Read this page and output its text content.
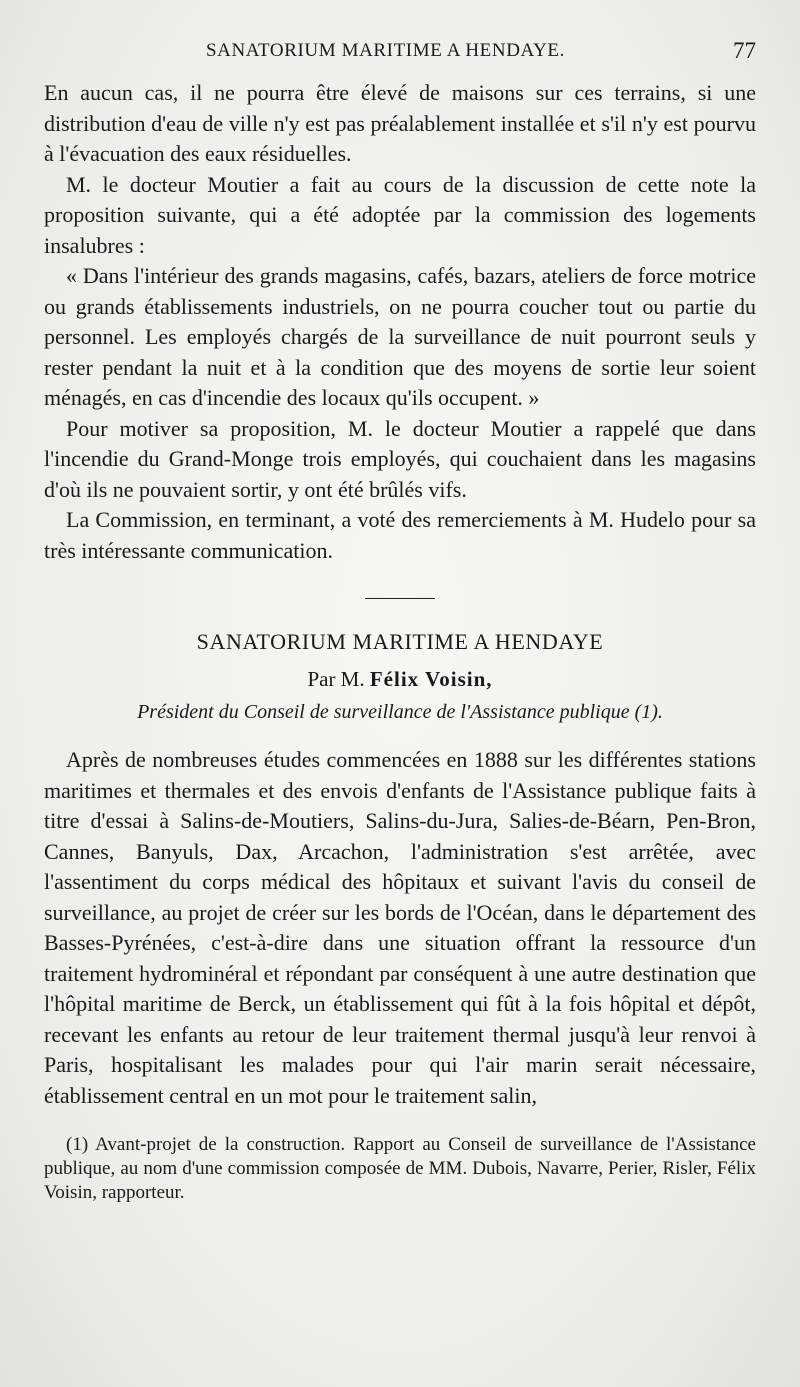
SANATORIUM MARITIME A HENDAYE.	77

En aucun cas, il ne pourra être élevé de maisons sur ces terrains, si une distribution d'eau de ville n'y est pas préalablement installée et s'il n'y est pourvu à l'évacuation des eaux résiduelles.

M. le docteur Moutier a fait au cours de la discussion de cette note la proposition suivante, qui a été adoptée par la commission des logements insalubres :

« Dans l'intérieur des grands magasins, cafés, bazars, ateliers de force motrice ou grands établissements industriels, on ne pourra coucher tout ou partie du personnel. Les employés chargés de la surveillance de nuit pourront seuls y rester pendant la nuit et à la condition que des moyens de sortie leur soient ménagés, en cas d'incendie des locaux qu'ils occupent. »

Pour motiver sa proposition, M. le docteur Moutier a rappelé que dans l'incendie du Grand-Monge trois employés, qui couchaient dans les magasins d'où ils ne pouvaient sortir, y ont été brûlés vifs.

La Commission, en terminant, a voté des remerciements à M. Hudelo pour sa très intéressante communication.

SANATORIUM MARITIME A HENDAYE

Par M. Félix Voisin,

Président du Conseil de surveillance de l'Assistance publique (1).

Après de nombreuses études commencées en 1888 sur les différentes stations maritimes et thermales et des envois d'enfants de l'Assistance publique faits à titre d'essai à Salins-de-Moutiers, Salins-du-Jura, Salies-de-Béarn, Pen-Bron, Cannes, Banyuls, Dax, Arcachon, l'administration s'est arrêtée, avec l'assentiment du corps médical des hôpitaux et suivant l'avis du conseil de surveillance, au projet de créer sur les bords de l'Océan, dans le département des Basses-Pyrénées, c'est-à-dire dans une situation offrant la ressource d'un traitement hydrominéral et répondant par conséquent à une autre destination que l'hôpital maritime de Berck, un établissement qui fût à la fois hôpital et dépôt, recevant les enfants au retour de leur traitement thermal jusqu'à leur renvoi à Paris, hospitalisant les malades pour qui l'air marin serait nécessaire, établissement central en un mot pour le traitement salin,

(1) Avant-projet de la construction. Rapport au Conseil de surveillance de l'Assistance publique, au nom d'une commission composée de MM. Dubois, Navarre, Perier, Risler, Félix Voisin, rapporteur.
